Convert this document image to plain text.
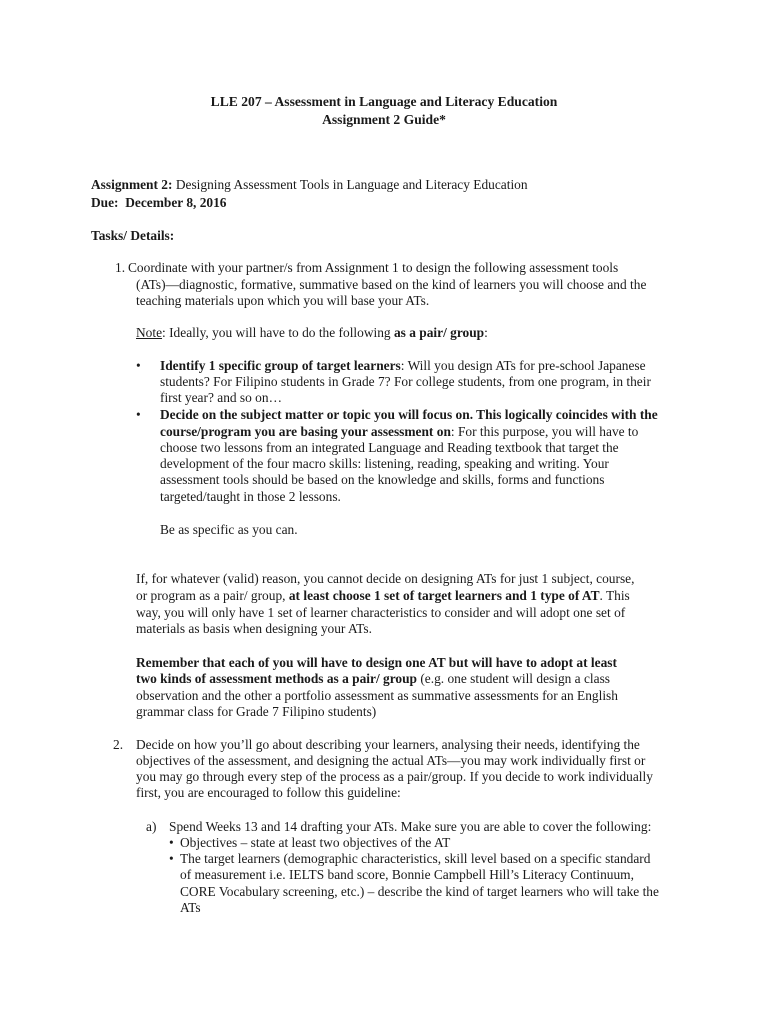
LLE 207 – Assessment in Language and Literacy Education
Assignment 2 Guide*
Assignment 2: Designing Assessment Tools in Language and Literacy Education
Due: December 8, 2016
Tasks/ Details:
1. Coordinate with your partner/s from Assignment 1 to design the following assessment tools
(ATs)—diagnostic, formative, summative based on the kind of learners you will choose and the
teaching materials upon which you will base your ATs.
Note: Ideally, you will have to do the following as a pair/ group:
• Identify 1 specific group of target learners: Will you design ATs for pre-school Japanese
students? For Filipino students in Grade 7? For college students, from one program, in their
first year? and so on…
• Decide on the subject matter or topic you will focus on. This logically coincides with the
course/program you are basing your assessment on: For this purpose, you will have to
choose two lessons from an integrated Language and Reading textbook that target the
development of the four macro skills: listening, reading, speaking and writing. Your
assessment tools should be based on the knowledge and skills, forms and functions
targeted/taught in those 2 lessons.
Be as specific as you can.
If, for whatever (valid) reason, you cannot decide on designing ATs for just 1 subject, course,
or program as a pair/ group, at least choose 1 set of target learners and 1 type of AT. This
way, you will only have 1 set of learner characteristics to consider and will adopt one set of
materials as basis when designing your ATs.
Remember that each of you will have to design one AT but will have to adopt at least
two kinds of assessment methods as a pair/ group (e.g. one student will design a class
observation and the other a portfolio assessment as summative assessments for an English
grammar class for Grade 7 Filipino students)
2. Decide on how you’ll go about describing your learners, analysing their needs, identifying the
objectives of the assessment, and designing the actual ATs—you may work individually first or
you may go through every step of the process as a pair/group. If you decide to work individually
first, you are encouraged to follow this guideline:
a) Spend Weeks 13 and 14 drafting your ATs. Make sure you are able to cover the following:
• Objectives – state at least two objectives of the AT
• The target learners (demographic characteristics, skill level based on a specific standard
of measurement i.e. IELTS band score, Bonnie Campbell Hill’s Literacy Continuum,
CORE Vocabulary screening, etc.) – describe the kind of target learners who will take the
ATs
